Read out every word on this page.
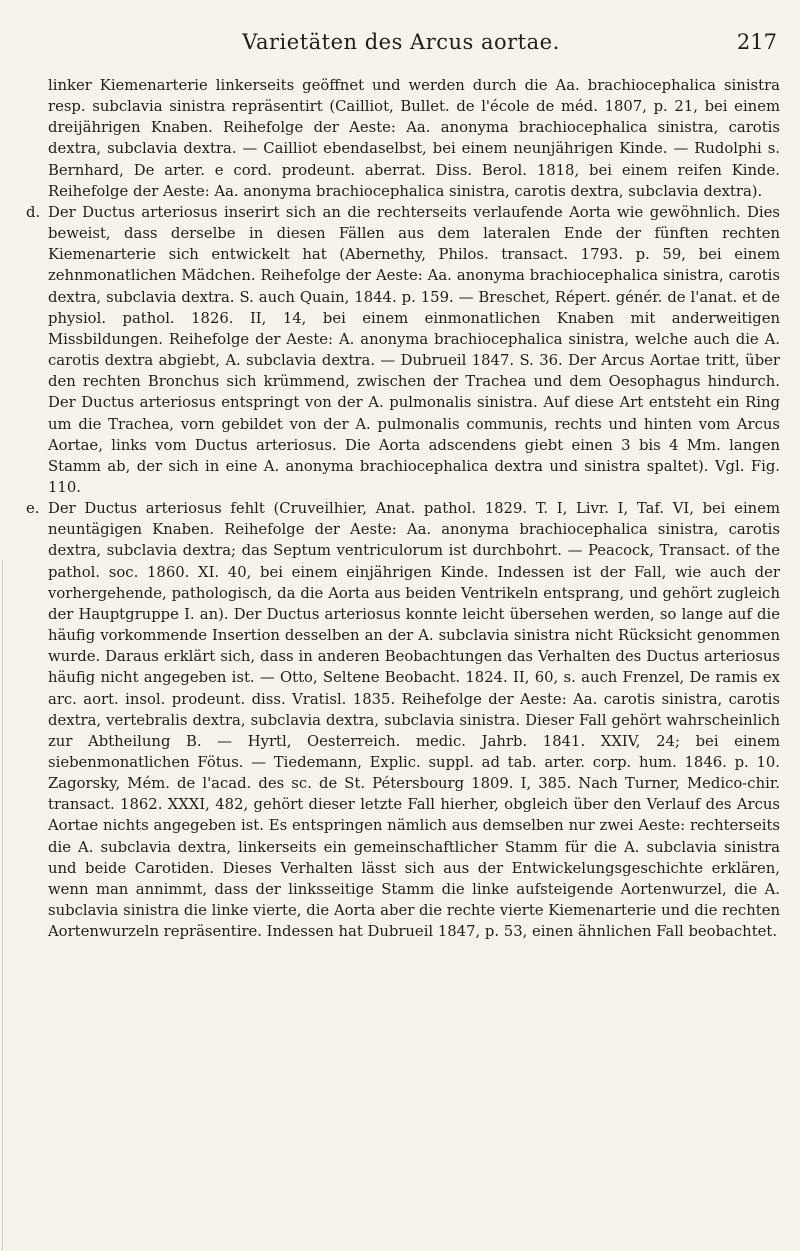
Varietäten des Arcus aortae.	217

linker Kiemenarterie linkerseits geöffnet und werden durch die Aa. brachiocephalica sinistra resp. subclavia sinistra repräsentirt (Cailliot, Bullet. de l'école de méd. 1807, p. 21, bei einem dreijährigen Knaben. Reihefolge der Aeste: Aa. anonyma brachiocephalica sinistra, carotis dextra, subclavia dextra. — Cailliot ebendaselbst, bei einem neunjährigen Kinde. — Rudolphi s. Bernhard, De arter. e cord. prodeunt. aberrat. Diss. Berol. 1818, bei einem reifen Kinde. Reihefolge der Aeste: Aa. anonyma brachiocephalica sinistra, carotis dextra, subclavia dextra).

d. Der Ductus arteriosus inserirt sich an die rechterseits verlaufende Aorta wie gewöhnlich. Dies beweist, dass derselbe in diesen Fällen aus dem lateralen Ende der fünften rechten Kiemenarterie sich entwickelt hat (Abernethy, Philos. transact. 1793. p. 59, bei einem zehnmonatlichen Mädchen. Reihefolge der Aeste: Aa. anonyma brachiocephalica sinistra, carotis dextra, subclavia dextra. S. auch Quain, 1844. p. 159. — Breschet, Répert. génér. de l'anat. et de physiol. pathol. 1826. II, 14, bei einem einmonatlichen Knaben mit anderweitigen Missbildungen. Reihefolge der Aeste: A. anonyma brachiocephalica sinistra, welche auch die A. carotis dextra abgiebt, A. subclavia dextra. — Dubrueil 1847. S. 36. Der Arcus Aortae tritt, über den rechten Bronchus sich krümmend, zwischen der Trachea und dem Oesophagus hindurch. Der Ductus arteriosus entspringt von der A. pulmonalis sinistra. Auf diese Art entsteht ein Ring um die Trachea, vorn gebildet von der A. pulmonalis communis, rechts und hinten vom Arcus Aortae, links vom Ductus arteriosus. Die Aorta adscendens giebt einen 3 bis 4 Mm. langen Stamm ab, der sich in eine A. anonyma brachiocephalica dextra und sinistra spaltet). Vgl. Fig. 110.

e. Der Ductus arteriosus fehlt (Cruveilhier, Anat. pathol. 1829. T. I, Livr. I, Taf. VI, bei einem neuntägigen Knaben. Reihefolge der Aeste: Aa. anonyma brachiocephalica sinistra, carotis dextra, subclavia dextra; das Septum ventriculorum ist durchbohrt. — Peacock, Transact. of the pathol. soc. 1860. XI. 40, bei einem einjährigen Kinde. Indessen ist der Fall, wie auch der vorhergehende, pathologisch, da die Aorta aus beiden Ventrikeln entsprang, und gehört zugleich der Hauptgruppe I. an). Der Ductus arteriosus konnte leicht übersehen werden, so lange auf die häufig vorkommende Insertion desselben an der A. subclavia sinistra nicht Rücksicht genommen wurde. Daraus erklärt sich, dass in anderen Beobachtungen das Verhalten des Ductus arteriosus häufig nicht angegeben ist. — Otto, Seltene Beobacht. 1824. II, 60, s. auch Frenzel, De ramis ex arc. aort. insol. prodeunt. diss. Vratisl. 1835. Reihefolge der Aeste: Aa. carotis sinistra, carotis dextra, vertebralis dextra, subclavia dextra, subclavia sinistra. Dieser Fall gehört wahrscheinlich zur Abtheilung B. — Hyrtl, Oesterreich. medic. Jahrb. 1841. XXIV, 24; bei einem siebenmonatlichen Fötus. — Tiedemann, Explic. suppl. ad tab. arter. corp. hum. 1846. p. 10. Zagorsky, Mém. de l'acad. des sc. de St. Pétersbourg 1809. I, 385. Nach Turner, Medico-chir. transact. 1862. XXXI, 482, gehört dieser letzte Fall hierher, obgleich über den Verlauf des Arcus Aortae nichts angegeben ist. Es entspringen nämlich aus demselben nur zwei Aeste: rechterseits die A. subclavia dextra, linkerseits ein gemeinschaftlicher Stamm für die A. subclavia sinistra und beide Carotiden. Dieses Verhalten lässt sich aus der Entwickelungsgeschichte erklären, wenn man annimmt, dass der linksseitige Stamm die linke aufsteigende Aortenwurzel, die A. subclavia sinistra die linke vierte, die Aorta aber die rechte vierte Kiemenarterie und die rechten Aortenwurzeln repräsentire. Indessen hat Dubrueil 1847, p. 53, einen ähnlichen Fall beobachtet.
